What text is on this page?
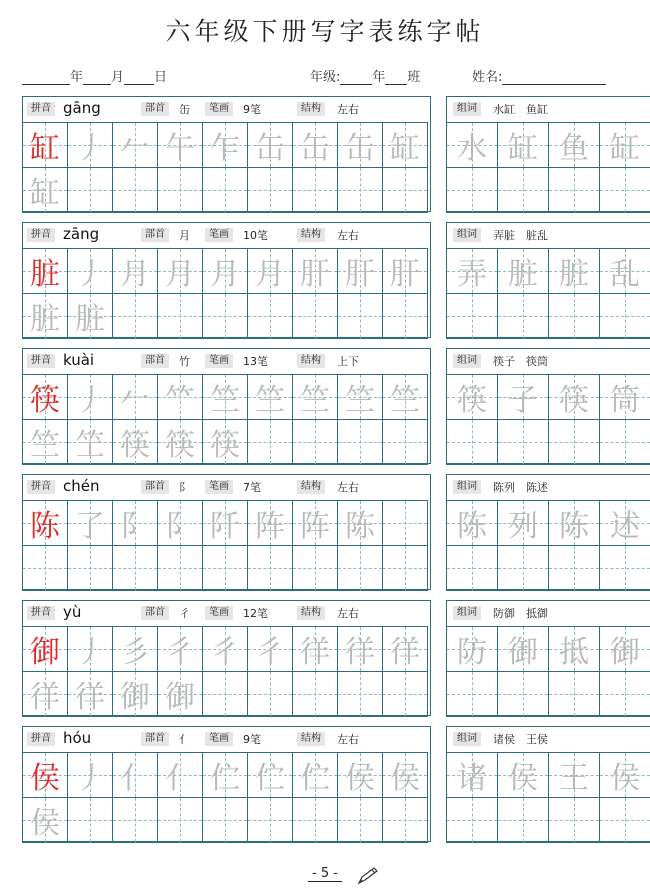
六年级下册写字表练字帖
年 月 日	年级: 年 班	姓名:
拼音 gāng	部首	缶	笔画	9笔	结构	左右
缸 丿 𠂉 午 乍 缶 缶 缶 缸
缸
组词	水缸　鱼缸
水 缸 鱼 缸
拼音 zāng	部首	月	笔画	10笔	结构	左右
脏 丿 月 月 月 月 肝 肝 肝
脏 脏
组词	弄脏　脏乱
弄 脏 脏 乱
拼音 kuài	部首	竹	笔画	13笔	结构	上下
筷 丿 𠂉 𥫗 竺 竺 竺 竺 竺
竺 笁 筷 筷 筷
组词	筷子　筷筒
筷 子 筷 筒
拼音 chén	部首	阝	笔画	7笔	结构	左右
陈 了 阝 阝 阡 阵 阵 陈
组词	陈列　陈述
陈 列 陈 述
拼音 yù	部首	彳	笔画	12笔	结构	左右
御 丿 彡 彳 彳 彳 徉 徉 徉
徉 徉 御 御
组词	防御　抵御
防 御 抵 御
拼音 hóu	部首	亻	笔画	9笔	结构	左右
侯 丿 亻 亻 伫 伫 伫 侯 侯
侯
组词	诸侯　王侯
诸 侯 王 侯
- 5 -
